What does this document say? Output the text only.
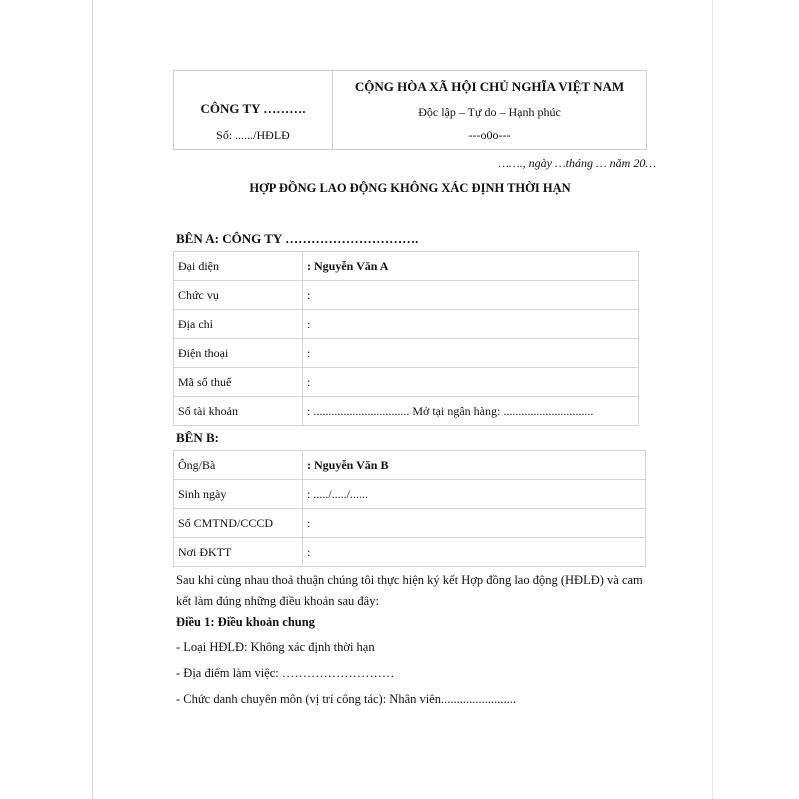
CÔNG TY ……….
Số: ....../HĐLĐ
CỘNG HÒA XÃ HỘI CHỦ NGHĨA VIỆT NAM
Độc lập – Tự do – Hạnh phúc
---o0o---
……., ngày …tháng … năm 20…
HỢP ĐỒNG LAO ĐỘNG KHÔNG XÁC ĐỊNH THỜI HẠN
BÊN A: CÔNG TY ………………………….
Đại diện	: Nguyễn Văn A
Chức vụ	:
Địa chỉ	:
Điện thoại	:
Mã số thuế	:
Số tài khoản	: ................................ Mở tại ngân hàng: ..............................
BÊN B:
Ông/Bà	: Nguyễn Văn B
Sinh ngày	: ...../...../......
Số CMTND/CCCD	:
Nơi ĐKTT	:
Sau khi cùng nhau thoả thuận chúng tôi thực hiện ký kết Hợp đồng lao động (HĐLĐ) và cam kết làm đúng những điều khoản sau đây:
Điều 1: Điều khoản chung
- Loại HĐLĐ: Không xác định thời hạn
- Địa điểm làm việc: ………………………
- Chức danh chuyên môn (vị trí công tác): Nhân viên........................
